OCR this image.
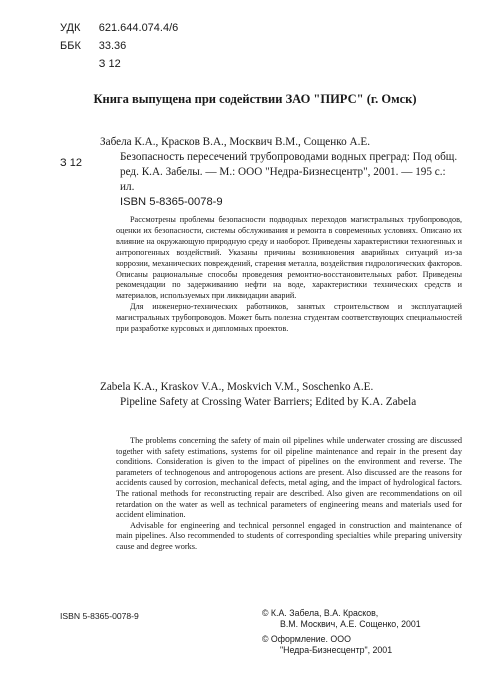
УДК 621.644.074.4/6
ББК 33.36
З 12
Книга выпущена при содействии ЗАО "ПИРС" (г. Омск)
З 12
Забела К.А., Красков В.А., Москвич В.М., Сощенко А.Е.
Безопасность пересечений трубопроводами водных преград: Под общ. ред. К.А. Забелы. — М.: ООО "Недра-Бизнесцентр", 2001. — 195 с.: ил.
ISBN 5-8365-0078-9

Рассмотрены проблемы безопасности подводных переходов магистральных трубопроводов, оценки их безопасности, системы обслуживания и ремонта в современных условиях. Описано их влияние на окружающую природную среду и наоборот. Приведены характеристики техногенных и антропогенных воздействий. Указаны причины возникновения аварийных ситуаций из-за коррозии, механических повреждений, старения металла, воздействия гидрологических факторов. Описаны рациональные способы проведения ремонтно-восстановительных работ. Приведены рекомендации по задерживанию нефти на воде, характеристики технических средств и материалов, используемых при ликвидации аварий.

Для инженерно-технических работников, занятых строительством и эксплуатацией магистральных трубопроводов. Может быть полезна студентам соответствующих специальностей при разработке курсовых и дипломных проектов.

Zabela K.A., Kraskov V.A., Moskvich V.M., Soschenko A.E.
Pipeline Safety at Crossing Water Barriers; Edited by K.A. Zabela

The problems concerning the safety of main oil pipelines while underwater crossing are discussed together with safety estimations, systems for oil pipeline maintenance and repair in the present day conditions. Consideration is given to the impact of pipelines on the environment and reverse. The parameters of technogenous and antropogenous actions are present. Also discussed are the reasons for accidents caused by corrosion, mechanical defects, metal aging, and the impact of hydrological factors. The rational methods for reconstructing repair are described. Also given are recommendations on oil retardation on the water as well as technical parameters of engineering means and materials used for accident elimination.

Advisable for engineering and technical personnel engaged in construction and maintenance of main pipelines. Also recommended to students of corresponding specialties while preparing university cause and degree works.

ISBN 5-8365-0078-9	© К.А. Забела, В.А. Красков,
В.М. Москвич, А.Е. Сощенко, 2001
© Оформление. ООО
"Недра-Бизнесцентр", 2001
